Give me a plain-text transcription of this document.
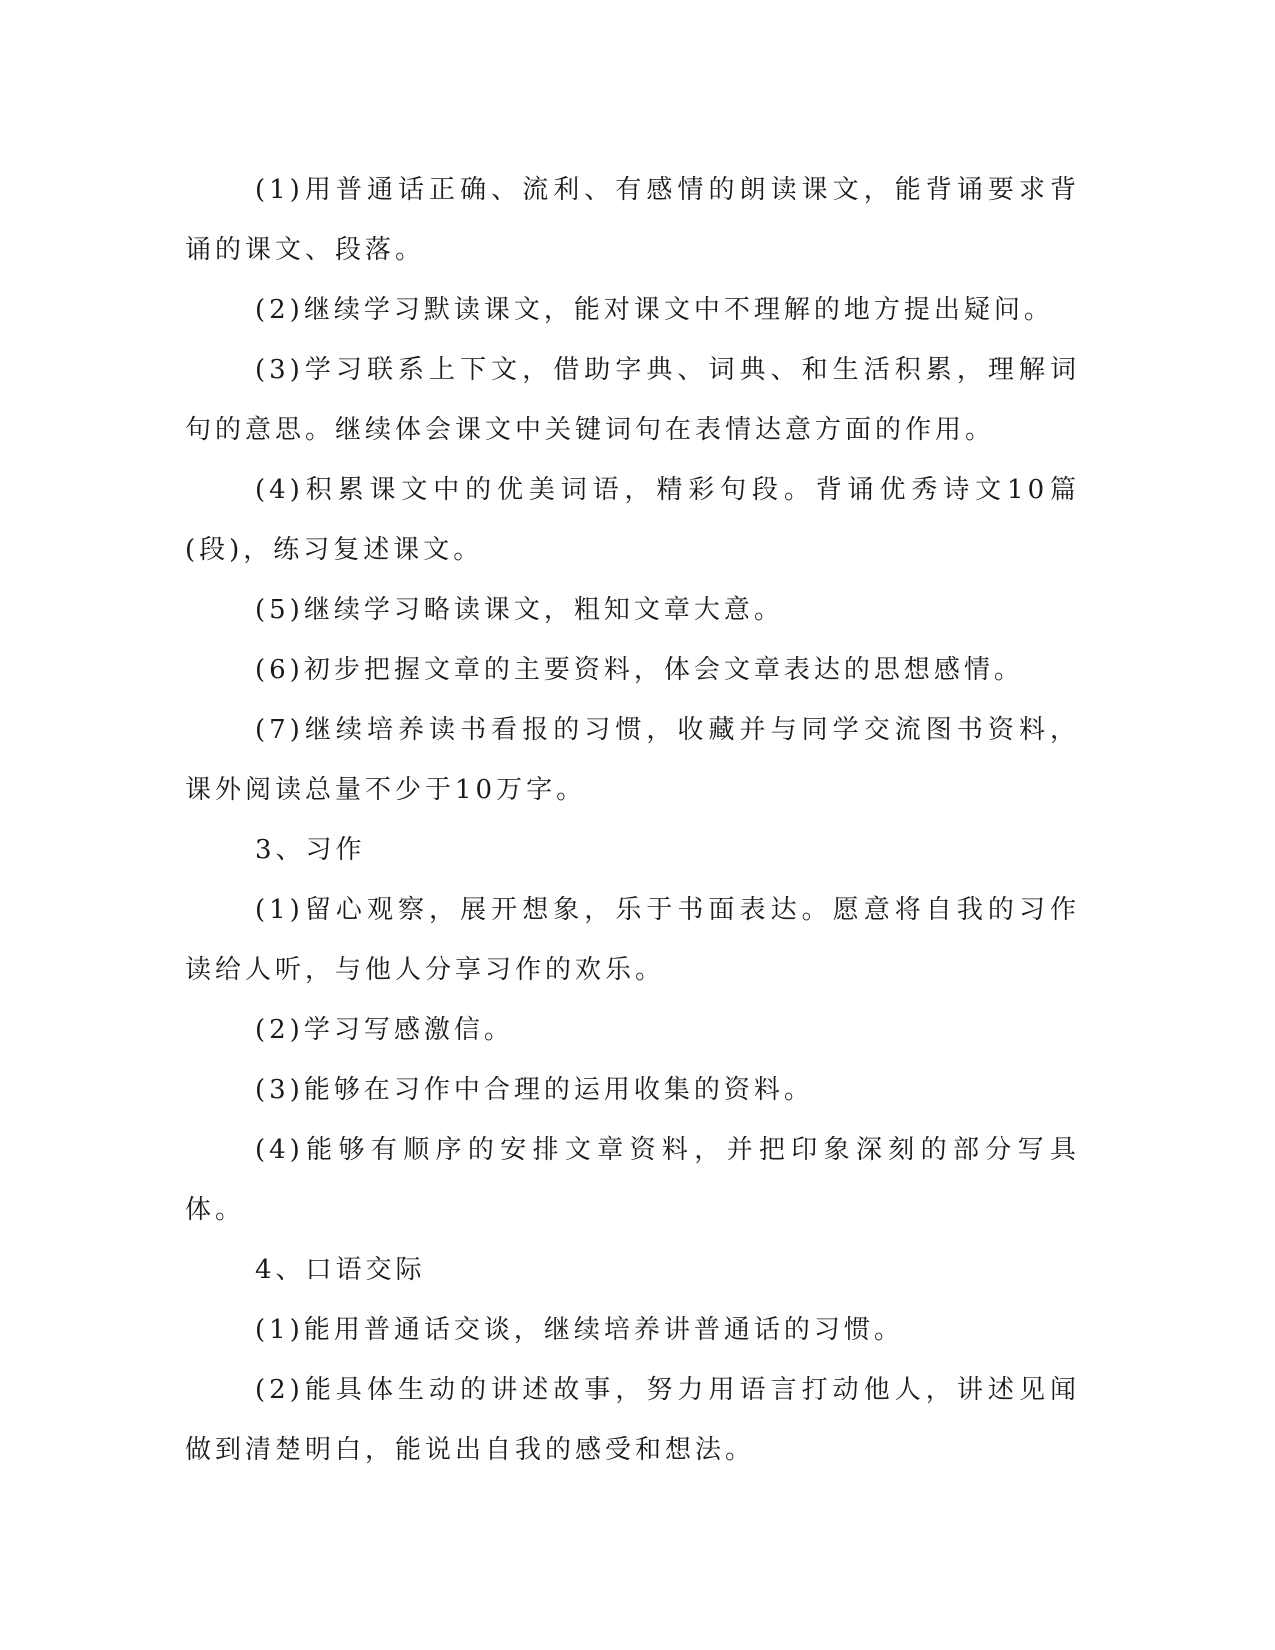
(1)用普通话正确、流利、有感情的朗读课文，能背诵要求背诵的课文、段落。

(2)继续学习默读课文，能对课文中不理解的地方提出疑问。

(3)学习联系上下文，借助字典、词典、和生活积累，理解词句的意思。继续体会课文中关键词句在表情达意方面的作用。

(4)积累课文中的优美词语，精彩句段。背诵优秀诗文10篇(段)，练习复述课文。

(5)继续学习略读课文，粗知文章大意。

(6)初步把握文章的主要资料，体会文章表达的思想感情。

(7)继续培养读书看报的习惯，收藏并与同学交流图书资料，课外阅读总量不少于10万字。

3、习作

(1)留心观察，展开想象，乐于书面表达。愿意将自我的习作读给人听，与他人分享习作的欢乐。

(2)学习写感激信。

(3)能够在习作中合理的运用收集的资料。

(4)能够有顺序的安排文章资料，并把印象深刻的部分写具体。

4、口语交际

(1)能用普通话交谈，继续培养讲普通话的习惯。

(2)能具体生动的讲述故事，努力用语言打动他人，讲述见闻做到清楚明白，能说出自我的感受和想法。
